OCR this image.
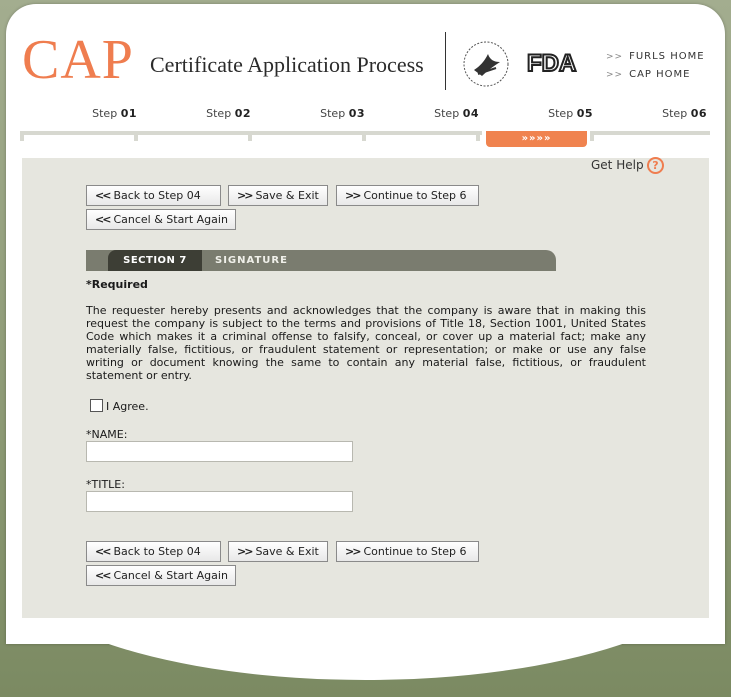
CAP Certificate Application Process	FDA	>> FURLS HOME
>> CAP HOME
Step 01	Step 02	Step 03	Step 04	Step 05	Step 06
»»»»
Get Help ?
<< Back to Step 04	>> Save & Exit	>> Continue to Step 6
<< Cancel & Start Again
SECTION 7	SIGNATURE
*Required
The requester hereby presents and acknowledges that the company is aware that in making this request the company is subject to the terms and provisions of Title 18, Section 1001, United States Code which makes it a criminal offense to falsify, conceal, or cover up a material fact; make any materially false, fictitious, or fraudulent statement or representation; or make or use any false writing or document knowing the same to contain any material false, fictitious, or fraudulent statement or entry.
I Agree.
*NAME:
*TITLE:
<< Back to Step 04	>> Save & Exit	>> Continue to Step 6
<< Cancel & Start Again
